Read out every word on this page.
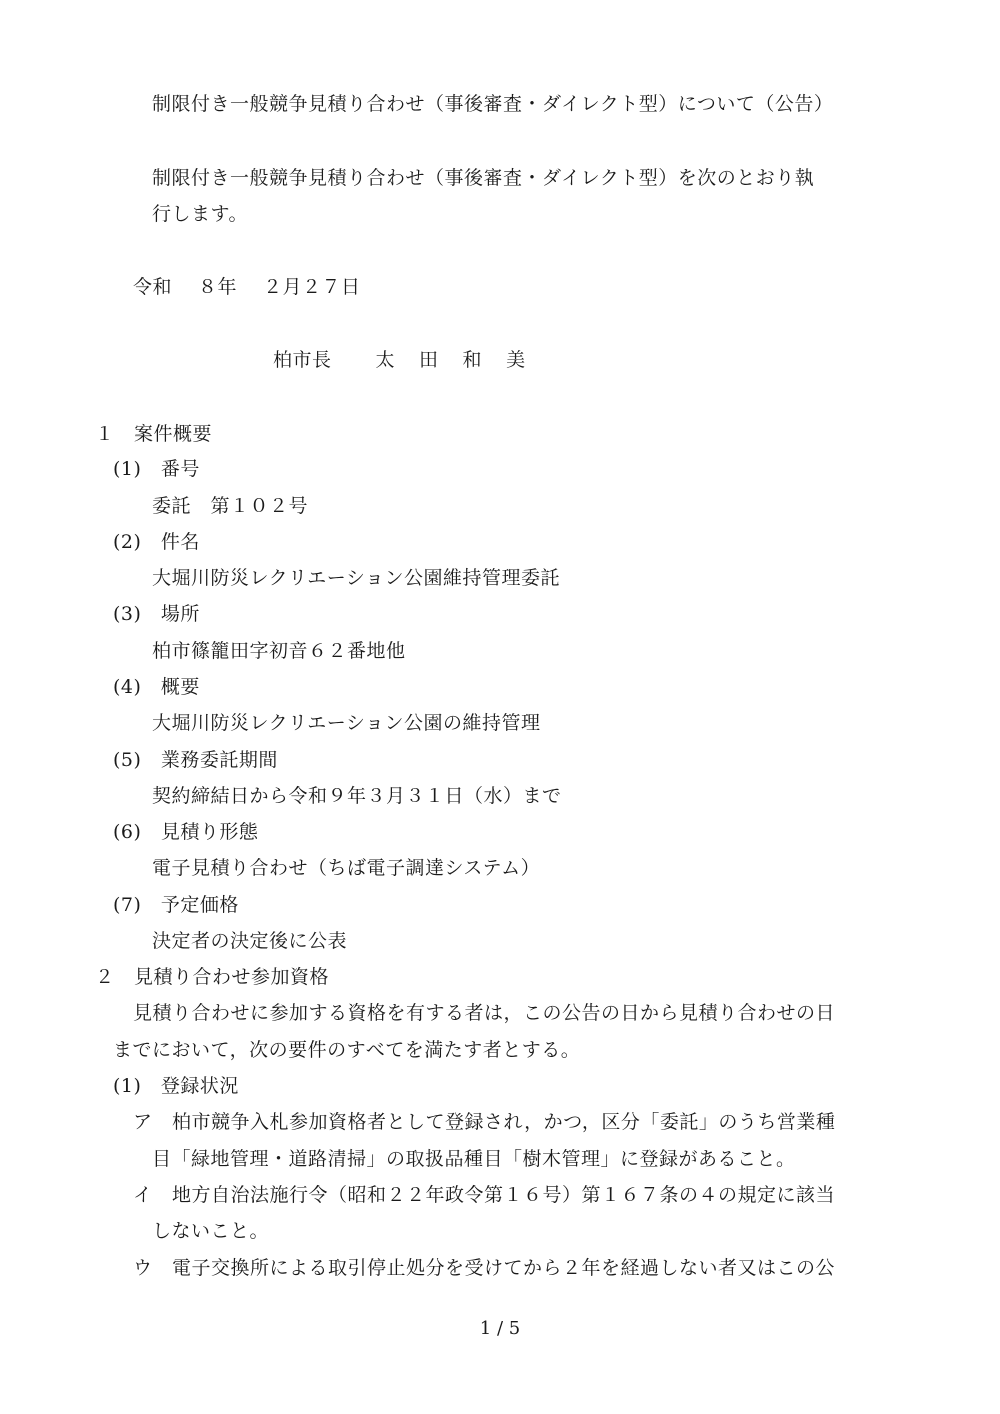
制限付き一般競争見積り合わせ（事後審査・ダイレクト型）について（公告）
制限付き一般競争見積り合わせ（事後審査・ダイレクト型）を次のとおり執
行します。
令和 ８年 ２月２７日
柏市長 太 田 和 美
１　案件概要
(1)　番号
委託　第１０２号
(2)　件名
大堀川防災レクリエーション公園維持管理委託
(3)　場所
柏市篠籠田字初音６２番地他
(4)　概要
大堀川防災レクリエーション公園の維持管理
(5)　業務委託期間
契約締結日から令和９年３月３１日（水）まで
(6)　見積り形態
電子見積り合わせ（ちば電子調達システム）
(7)　予定価格
決定者の決定後に公表
２　見積り合わせ参加資格
見積り合わせに参加する資格を有する者は，この公告の日から見積り合わせの日
までにおいて，次の要件のすべてを満たす者とする。
(1)　登録状況
ア　柏市競争入札参加資格者として登録され，かつ，区分「委託」のうち営業種
目「緑地管理・道路清掃」の取扱品種目「樹木管理」に登録があること。
イ　地方自治法施行令（昭和２２年政令第１６号）第１６７条の４の規定に該当
しないこと。
ウ　電子交換所による取引停止処分を受けてから２年を経過しない者又はこの公
1 / 5
